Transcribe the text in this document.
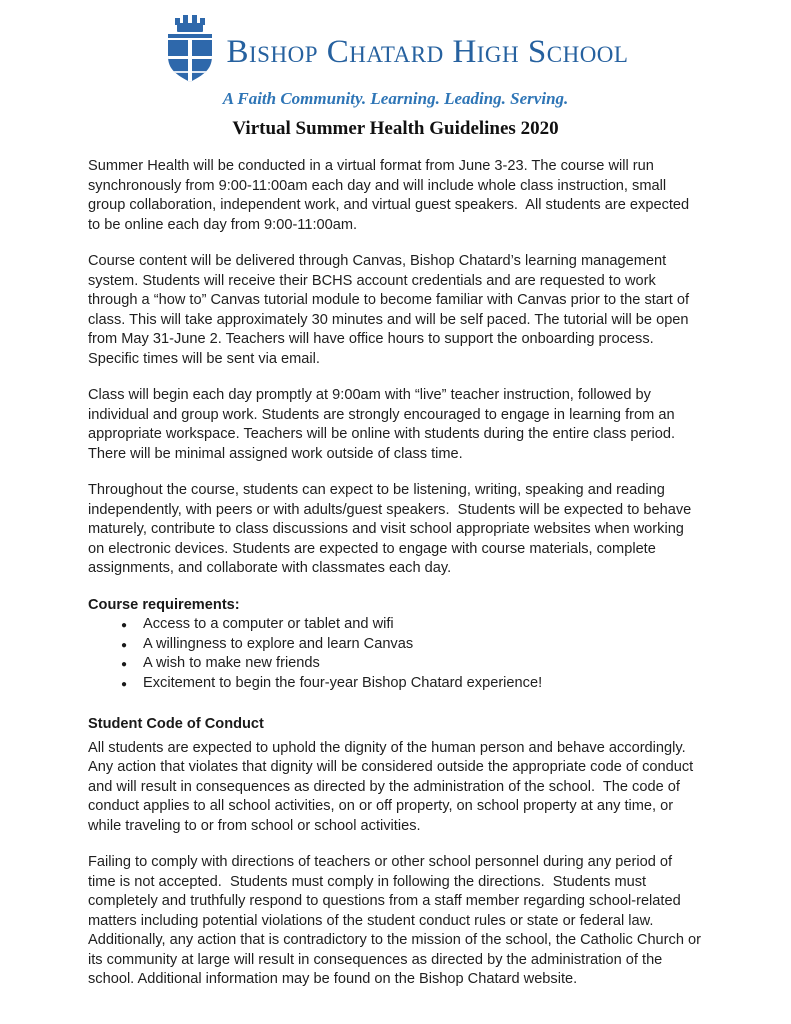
Bishop Chatard High School
A Faith Community. Learning. Leading. Serving.
Virtual Summer Health Guidelines 2020

Summer Health will be conducted in a virtual format from June 3-23. The course will run synchronously from 9:00-11:00am each day and will include whole class instruction, small group collaboration, independent work, and virtual guest speakers.  All students are expected to be online each day from 9:00-11:00am.

Course content will be delivered through Canvas, Bishop Chatard’s learning management system. Students will receive their BCHS account credentials and are requested to work through a “how to” Canvas tutorial module to become familiar with Canvas prior to the start of class. This will take approximately 30 minutes and will be self paced. The tutorial will be open from May 31-June 2. Teachers will have office hours to support the onboarding process. Specific times will be sent via email.

Class will begin each day promptly at 9:00am with “live” teacher instruction, followed by individual and group work. Students are strongly encouraged to engage in learning from an appropriate workspace. Teachers will be online with students during the entire class period. There will be minimal assigned work outside of class time.

Throughout the course, students can expect to be listening, writing, speaking and reading independently, with peers or with adults/guest speakers.  Students will be expected to behave maturely, contribute to class discussions and visit school appropriate websites when working on electronic devices. Students are expected to engage with course materials, complete assignments, and collaborate with classmates each day.

Course requirements:
● Access to a computer or tablet and wifi
● A willingness to explore and learn Canvas
● A wish to make new friends
● Excitement to begin the four-year Bishop Chatard experience!
Student Code of Conduct

All students are expected to uphold the dignity of the human person and behave accordingly. Any action that violates that dignity will be considered outside the appropriate code of conduct and will result in consequences as directed by the administration of the school.  The code of conduct applies to all school activities, on or off property, on school property at any time, or while traveling to or from school or school activities.

Failing to comply with directions of teachers or other school personnel during any period of time is not accepted.  Students must comply in following the directions.  Students must completely and truthfully respond to questions from a staff member regarding school-related matters including potential violations of the student conduct rules or state or federal law. Additionally, any action that is contradictory to the mission of the school, the Catholic Church or its community at large will result in consequences as directed by the administration of the school. Additional information may be found on the Bishop Chatard website.
